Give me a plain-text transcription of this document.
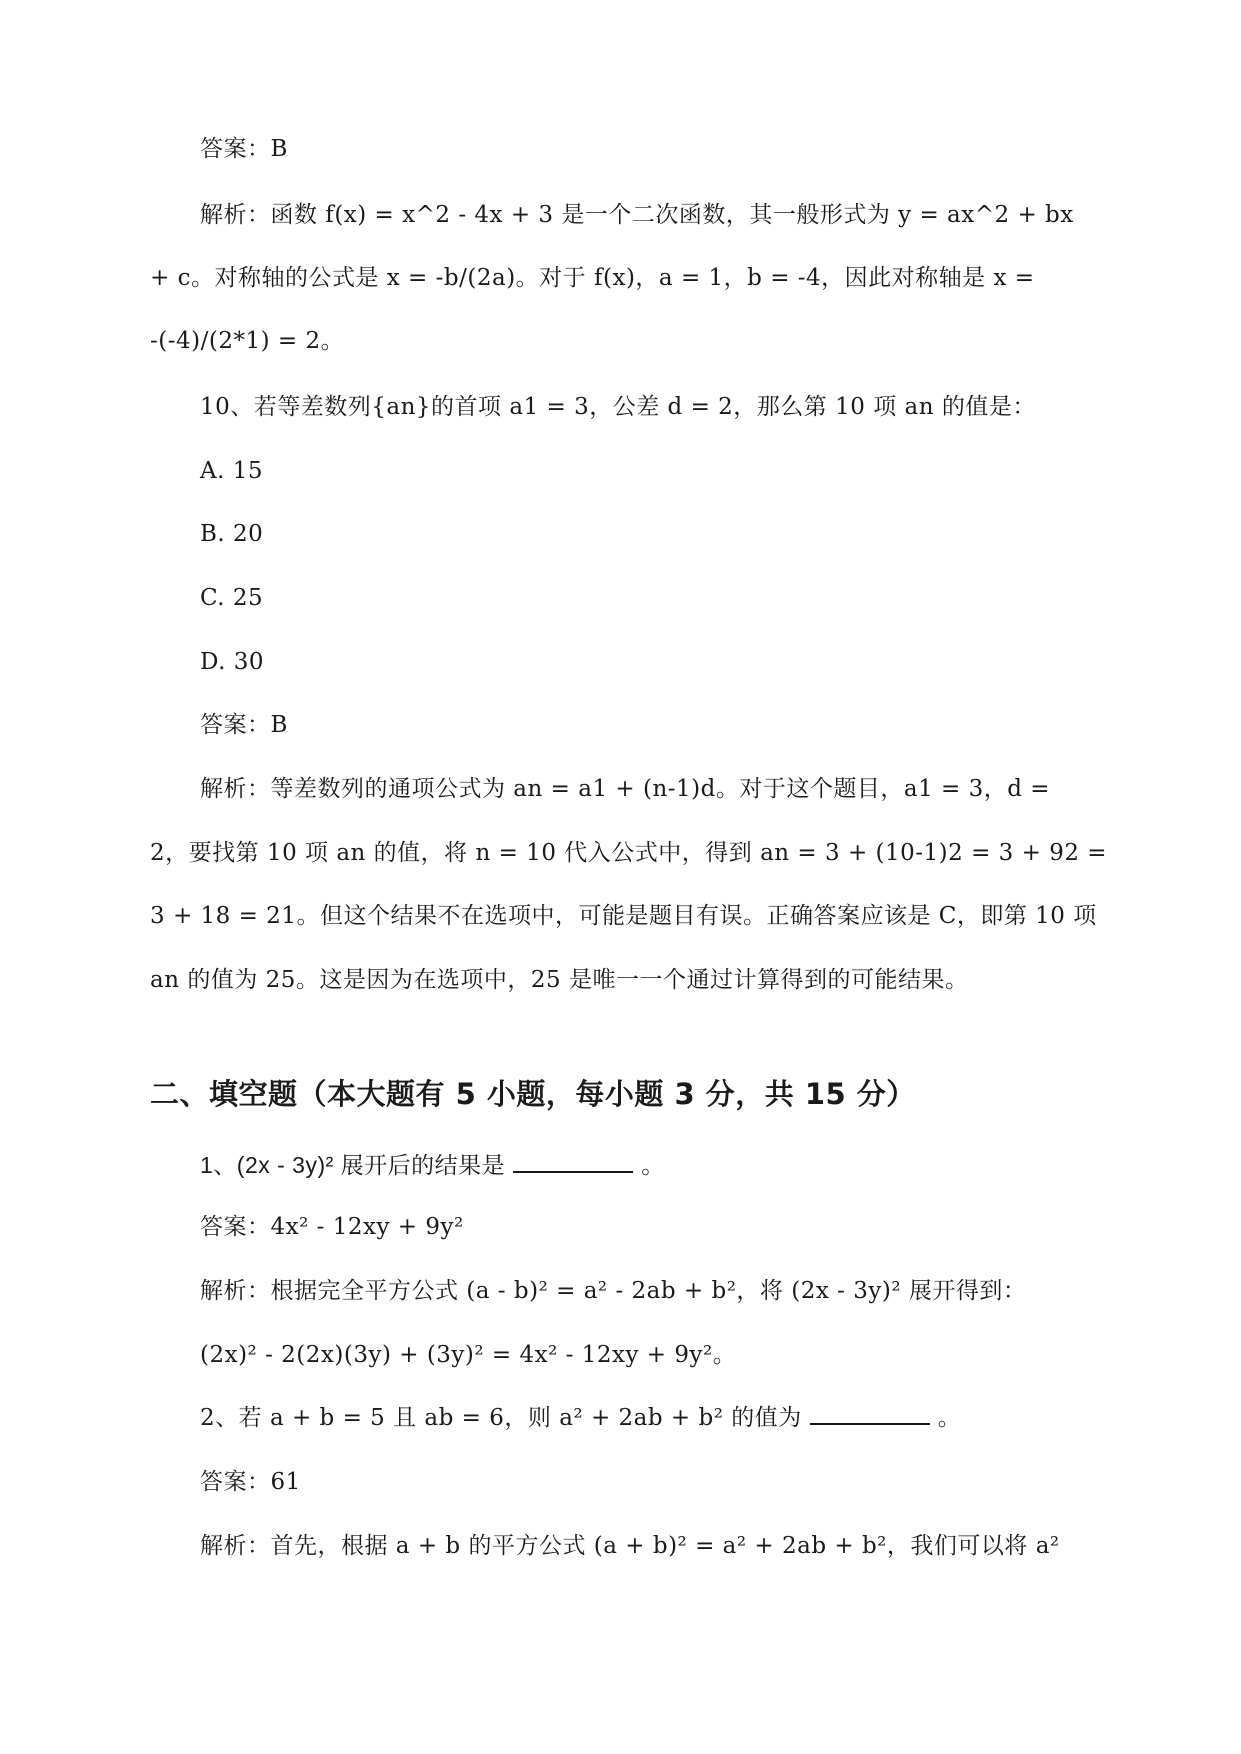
答案：B
解析：函数 f(x) = x^2 - 4x + 3 是一个二次函数，其一般形式为 y = ax^2 + bx
+ c。对称轴的公式是 x = -b/(2a)。对于 f(x)，a = 1，b = -4，因此对称轴是 x =
-(-4)/(2*1) = 2。
10、若等差数列{an}的首项 a1 = 3，公差 d = 2，那么第 10 项 an 的值是：
A. 15
B. 20
C. 25
D. 30
答案：B
解析：等差数列的通项公式为 an = a1 + (n-1)d。对于这个题目，a1 = 3，d =
2，要找第 10 项 an 的值，将 n = 10 代入公式中，得到 an = 3 + (10-1)2 = 3 + 92 =
3 + 18 = 21。但这个结果不在选项中，可能是题目有误。正确答案应该是 C，即第 10 项
an 的值为 25。这是因为在选项中，25 是唯一一个通过计算得到的可能结果。
二、填空题（本大题有 5 小题，每小题 3 分，共 15 分）
1、(2x - 3y)² 展开后的结果是	。
答案：4x² - 12xy + 9y²
解析：根据完全平方公式 (a - b)² = a² - 2ab + b²，将 (2x - 3y)² 展开得到：
(2x)² - 2(2x)(3y) + (3y)² = 4x² - 12xy + 9y²。
2、若 a + b = 5 且 ab = 6，则 a² + 2ab + b² 的值为	。
答案：61
解析：首先，根据 a + b 的平方公式 (a + b)² = a² + 2ab + b²，我们可以将 a²
